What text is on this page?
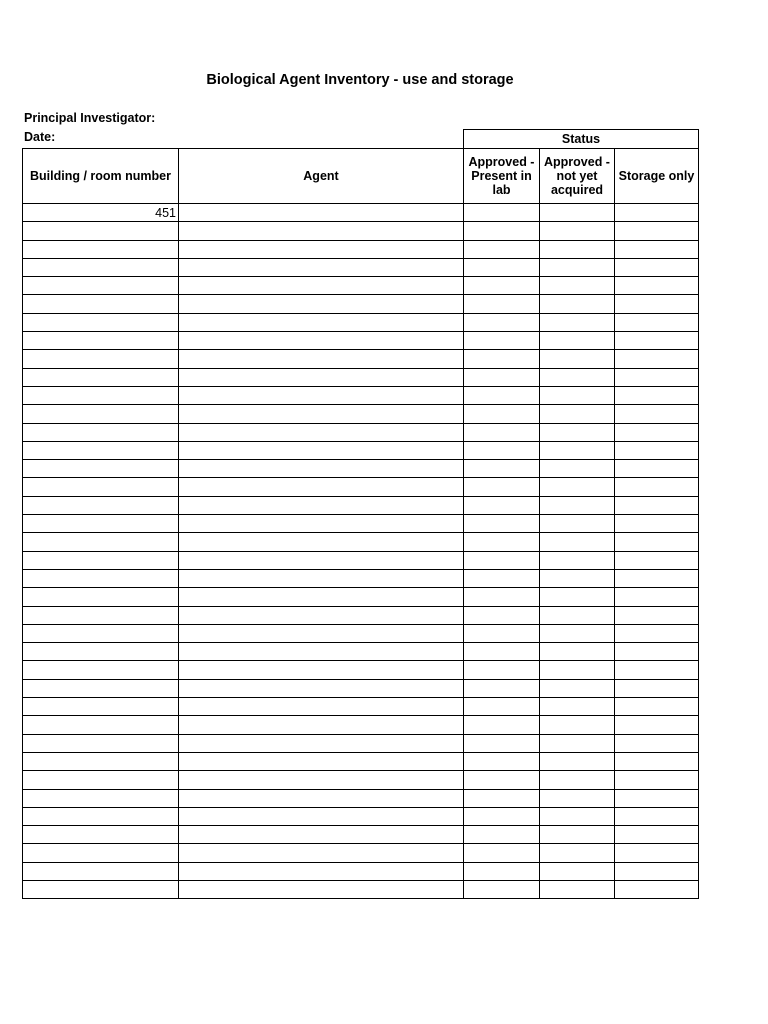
Biological Agent Inventory - use and storage
Principal Investigator:
Date:
		Status		
Building / room number	Agent	Approved - Present in lab	Approved - not yet acquired	Storage only
451				
